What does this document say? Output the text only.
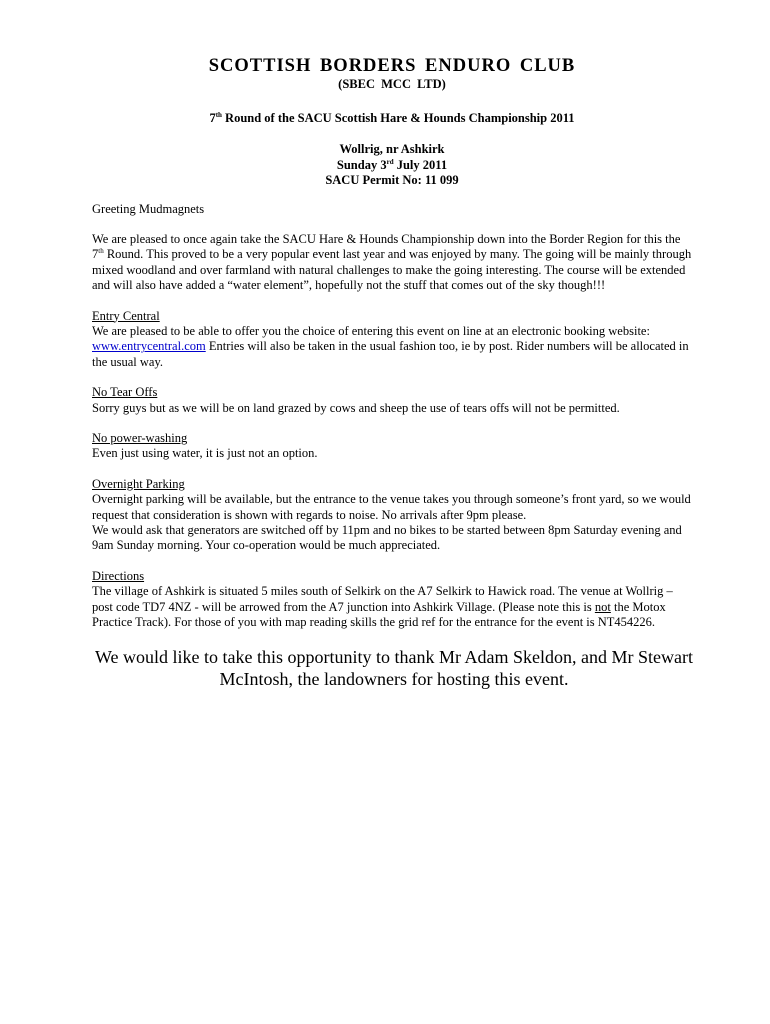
SCOTTISH BORDERS ENDURO CLUB

(SBEC MCC LTD)

7th Round of the SACU Scottish Hare & Hounds Championship 2011

Wollrig, nr Ashkirk

Sunday 3rd July 2011

SACU Permit No: 11 099

Greeting Mudmagnets

We are pleased to once again take the SACU Hare & Hounds Championship down into the Border Region for this the 7th Round. This proved to be a very popular event last year and was enjoyed by many. The going will be mainly through mixed woodland and over farmland with natural challenges to make the going interesting. The course will be extended and will also have added a “water element”, hopefully not the stuff that comes out of the sky though!!!

Entry Central

We are pleased to be able to offer you the choice of entering this event on line at an electronic booking website: www.entrycentral.com Entries will also be taken in the usual fashion too, ie by post. Rider numbers will be allocated in the usual way.

No Tear Offs

Sorry guys but as we will be on land grazed by cows and sheep the use of tears offs will not be permitted.

No power-washing

Even just using water, it is just not an option.

Overnight Parking

Overnight parking will be available, but the entrance to the venue takes you through someone’s front yard, so we would request that consideration is shown with regards to noise. No arrivals after 9pm please.

We would ask that generators are switched off by 11pm and no bikes to be started between 8pm Saturday evening and 9am Sunday morning. Your co-operation would be much appreciated.

Directions

The village of Ashkirk is situated 5 miles south of Selkirk on the A7 Selkirk to Hawick road. The venue at Wollrig – post code TD7 4NZ - will be arrowed from the A7 junction into Ashkirk Village. (Please note this is not the Motox Practice Track). For those of you with map reading skills the grid ref for the entrance for the event is NT454226.

We would like to take this opportunity to thank Mr Adam Skeldon, and Mr Stewart McIntosh, the landowners for hosting this event.
